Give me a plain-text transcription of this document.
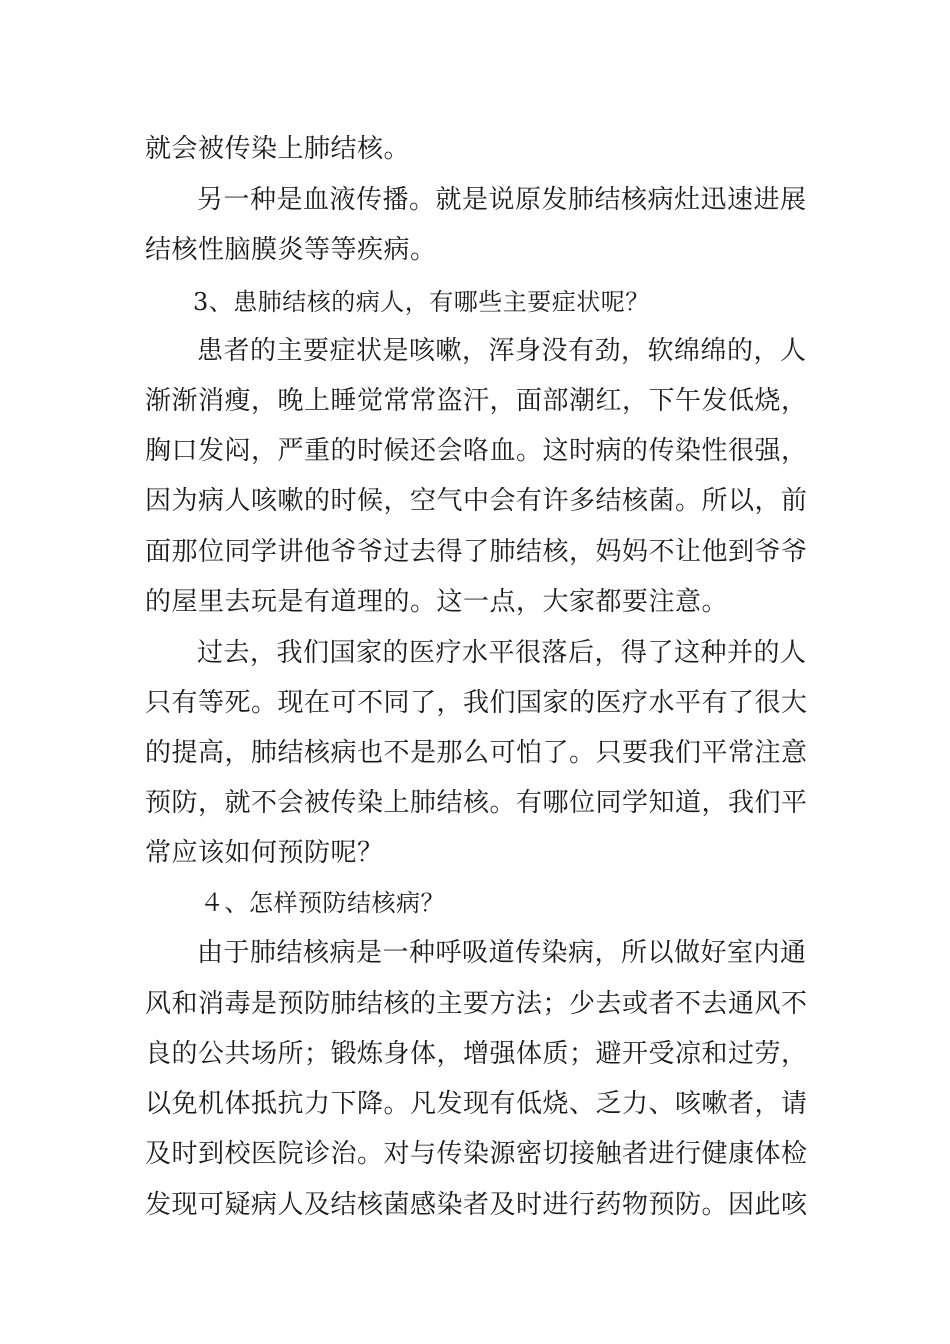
就会被传染上肺结核。
另一种是血液传播。就是说原发肺结核病灶迅速进展
结核性脑膜炎等等疾病。
3、患肺结核的病人，有哪些主要症状呢？
患者的主要症状是咳嗽，浑身没有劲，软绵绵的，人
渐渐消瘦，晚上睡觉常常盗汗，面部潮红，下午发低烧，
胸口发闷，严重的时候还会咯血。这时病的传染性很强，
因为病人咳嗽的时候，空气中会有许多结核菌。所以，前
面那位同学讲他爷爷过去得了肺结核，妈妈不让他到爷爷
的屋里去玩是有道理的。这一点，大家都要注意。
过去，我们国家的医疗水平很落后，得了这种并的人
只有等死。现在可不同了，我们国家的医疗水平有了很大
的提高，肺结核病也不是那么可怕了。只要我们平常注意
预防，就不会被传染上肺结核。有哪位同学知道，我们平
常应该如何预防呢？
４、怎样预防结核病？
由于肺结核病是一种呼吸道传染病，所以做好室内通
风和消毒是预防肺结核的主要方法；少去或者不去通风不
良的公共场所；锻炼身体，增强体质；避开受凉和过劳，
以免机体抵抗力下降。凡发现有低烧、乏力、咳嗽者，请
及时到校医院诊治。对与传染源密切接触者进行健康体检
发现可疑病人及结核菌感染者及时进行药物预防。因此咳
